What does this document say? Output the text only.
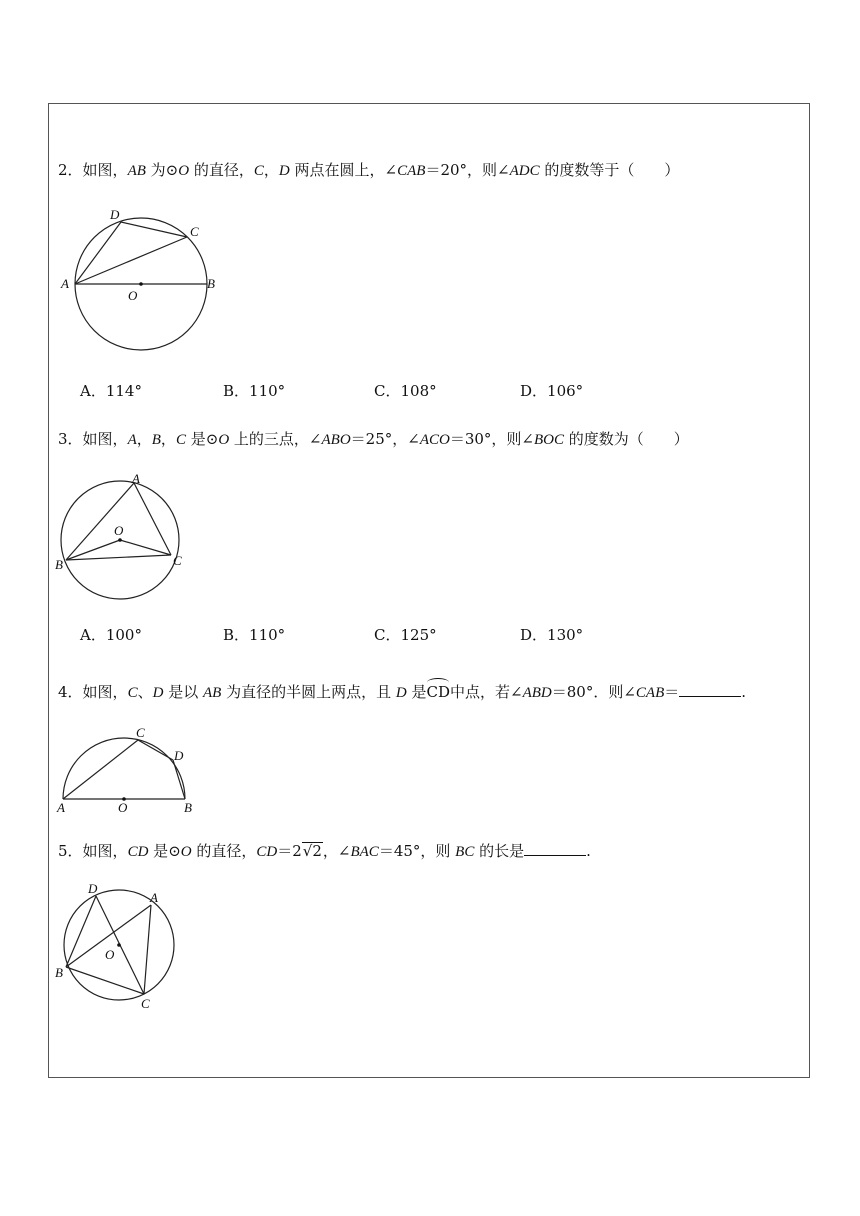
2．如图，AB 为⊙O 的直径，C，D 两点在圆上，∠CAB＝20°，则∠ADC 的度数等于（　　）
A	B
C
D
O
A．114°	B．110°	C．108°	D．106°
3．如图，A，B，C 是⊙O 上的三点，∠ABO＝25°，∠ACO＝30°，则∠BOC 的度数为（　　）
A
B	C
O
A．100°	B．110°	C．125°	D．130°
4．如图，C、D 是以 AB 为直径的半圆上两点，且 D 是CD中点，若∠ABD＝80°．则∠CAB＝	.
A	B
C
D
O
5．如图，CD 是⊙O 的直径，CD＝2√2，∠BAC＝45°，则 BC 的长是	.
A
B
C
D
O
